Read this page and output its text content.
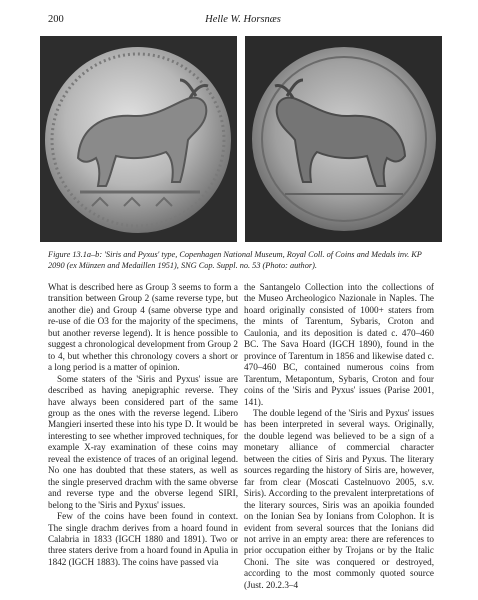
200	Helle W. Horsnæs
Figure 13.1a–b: 'Siris and Pyxus' type, Copenhagen National Museum, Royal Coll. of Coins and Medals inv. KP 2090 (ex Münzen and Medaillen 1951), SNG Cop. Suppl. no. 53 (Photo: author).

What is described here as Group 3 seems to form a transition between Group 2 (same reverse type, but another die) and Group 4 (same obverse type and re-use of die O3 for the majority of the specimens, but another reverse legend). It is hence possible to suggest a chronological development from Group 2 to 4, but whether this chronology covers a short or a long period is a matter of opinion.

Some staters of the 'Siris and Pyxus' issue are described as having anepigraphic reverse. They have always been considered part of the same group as the ones with the reverse legend. Libero Mangieri inserted these into his type D. It would be interesting to see whether improved techniques, for example X-ray examination of these coins may reveal the existence of traces of an original legend. No one has doubted that these staters, as well as the single preserved drachm with the same obverse and reverse type and the obverse legend SIRI, belong to the 'Siris and Pyxus' issues.

Few of the coins have been found in context. The single drachm derives from a hoard found in Calabria in 1833 (IGCH 1880 and 1891). Two or three staters derive from a hoard found in Apulia in 1842 (IGCH 1883). The coins have passed via

the Santangelo Collection into the collections of the Museo Archeologico Nazionale in Naples. The hoard originally consisted of 1000+ staters from the mints of Tarentum, Sybaris, Croton and Caulonia, and its deposition is dated c. 470–460 BC. The Sava Hoard (IGCH 1890), found in the province of Tarentum in 1856 and likewise dated c. 470–460 BC, contained numerous coins from Tarentum, Metapontum, Sybaris, Croton and four coins of the 'Siris and Pyxus' issues (Parise 2001, 141).

The double legend of the 'Siris and Pyxus' issues has been interpreted in several ways. Originally, the double legend was believed to be a sign of a monetary alliance of commercial character between the cities of Siris and Pyxus. The literary sources regarding the history of Siris are, however, far from clear (Moscati Castelnuovo 2005, s.v. Siris). According to the prevalent interpretations of the literary sources, Siris was an apoikia founded on the Ionian Sea by Ionians from Colophon. It is evident from several sources that the Ionians did not arrive in an empty area: there are references to prior occupation either by Trojans or by the Italic Choni. The site was conquered or destroyed, according to the most commonly quoted source (Just. 20.2.3–4
